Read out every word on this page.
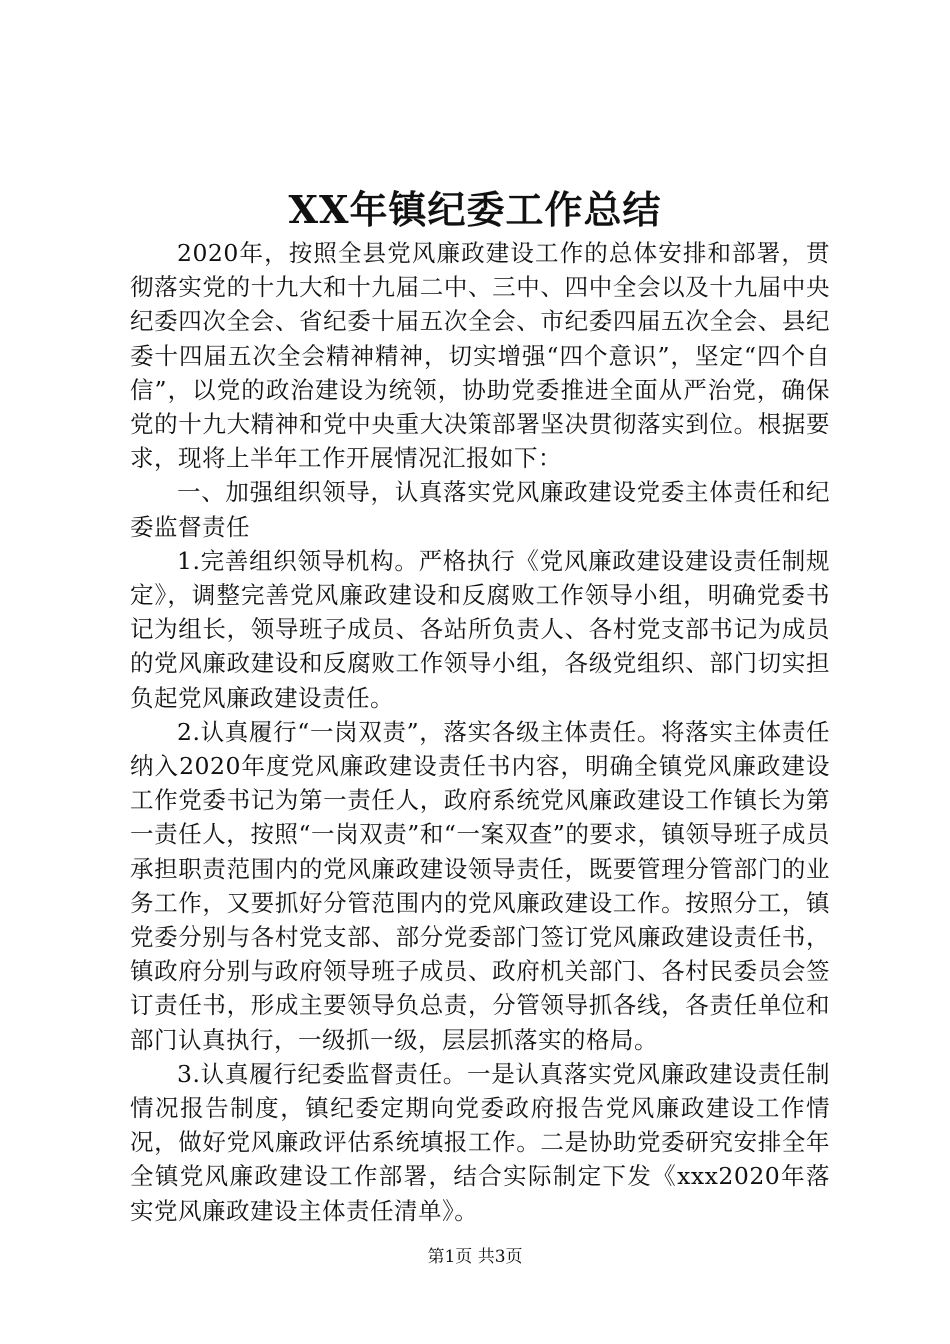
XX年镇纪委工作总结

2020年，按照全县党风廉政建设工作的总体安排和部署，贯彻落实党的十九大和十九届二中、三中、四中全会以及十九届中央纪委四次全会、省纪委十届五次全会、市纪委四届五次全会、县纪委十四届五次全会精神精神，切实增强“四个意识”，坚定“四个自信”，以党的政治建设为统领，协助党委推进全面从严治党，确保党的十九大精神和党中央重大决策部署坚决贯彻落实到位。根据要求，现将上半年工作开展情况汇报如下：

一、加强组织领导，认真落实党风廉政建设党委主体责任和纪委监督责任

1.完善组织领导机构。严格执行《党风廉政建设建设责任制规定》，调整完善党风廉政建设和反腐败工作领导小组，明确党委书记为组长，领导班子成员、各站所负责人、各村党支部书记为成员的党风廉政建设和反腐败工作领导小组，各级党组织、部门切实担负起党风廉政建设责任。

2.认真履行“一岗双责”，落实各级主体责任。将落实主体责任纳入2020年度党风廉政建设责任书内容，明确全镇党风廉政建设工作党委书记为第一责任人，政府系统党风廉政建设工作镇长为第一责任人，按照“一岗双责”和“一案双查”的要求，镇领导班子成员承担职责范围内的党风廉政建设领导责任，既要管理分管部门的业务工作，又要抓好分管范围内的党风廉政建设工作。按照分工，镇党委分别与各村党支部、部分党委部门签订党风廉政建设责任书，镇政府分别与政府领导班子成员、政府机关部门、各村民委员会签订责任书，形成主要领导负总责，分管领导抓各线，各责任单位和部门认真执行，一级抓一级，层层抓落实的格局。

3.认真履行纪委监督责任。一是认真落实党风廉政建设责任制情况报告制度，镇纪委定期向党委政府报告党风廉政建设工作情况，做好党风廉政评估系统填报工作。二是协助党委研究安排全年全镇党风廉政建设工作部署，结合实际制定下发《xxx2020年落实党风廉政建设主体责任清单》。

第1页 共3页
